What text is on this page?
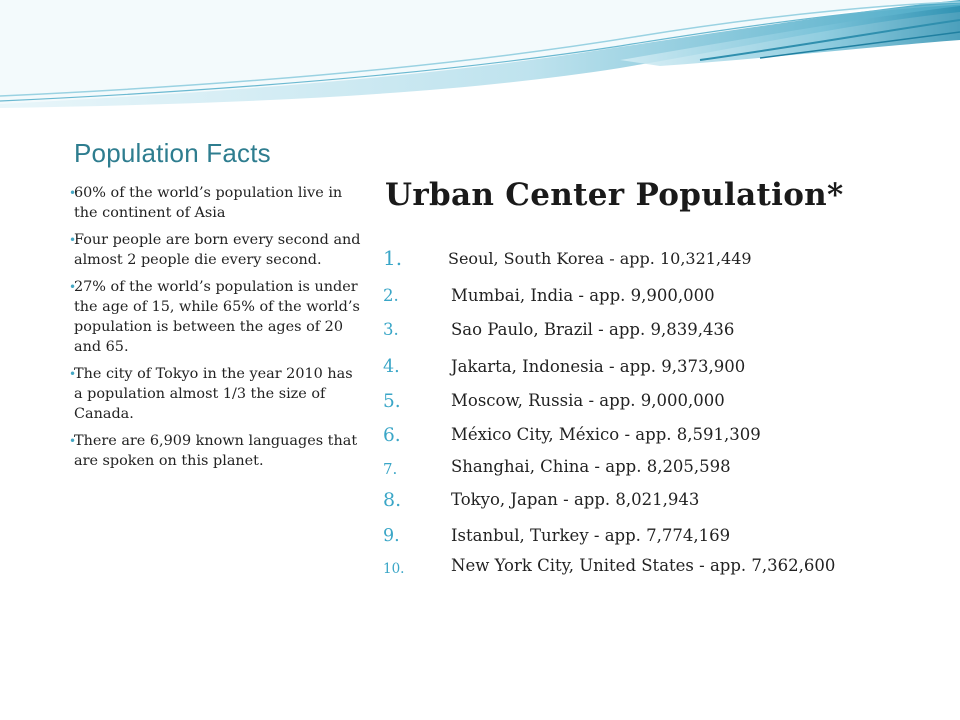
Population Facts
•
60% of the world’s population live in the continent of Asia
•
Four people are born every second and almost 2 people die every second.
•
27% of the world’s population is under the age of 15, while 65% of the world’s population is between the ages of 20 and 65.
•
The city of Tokyo in the year 2010 has a population almost 1/3 the size of Canada.
•
There are 6,909 known languages that are spoken on this planet.
Urban Center Population*
1.	Seoul, South Korea - app. 10,321,449
2.	Mumbai, India - app. 9,900,000
3.	Sao Paulo, Brazil - app. 9,839,436
4.	Jakarta, Indonesia - app. 9,373,900
5.	Moscow, Russia - app. 9,000,000
6.	México City, México - app. 8,591,309
7.	Shanghai, China - app. 8,205,598
8.	Tokyo, Japan - app. 8,021,943
9.	Istanbul, Turkey - app. 7,774,169
10.	New York City, United States - app. 7,362,600
